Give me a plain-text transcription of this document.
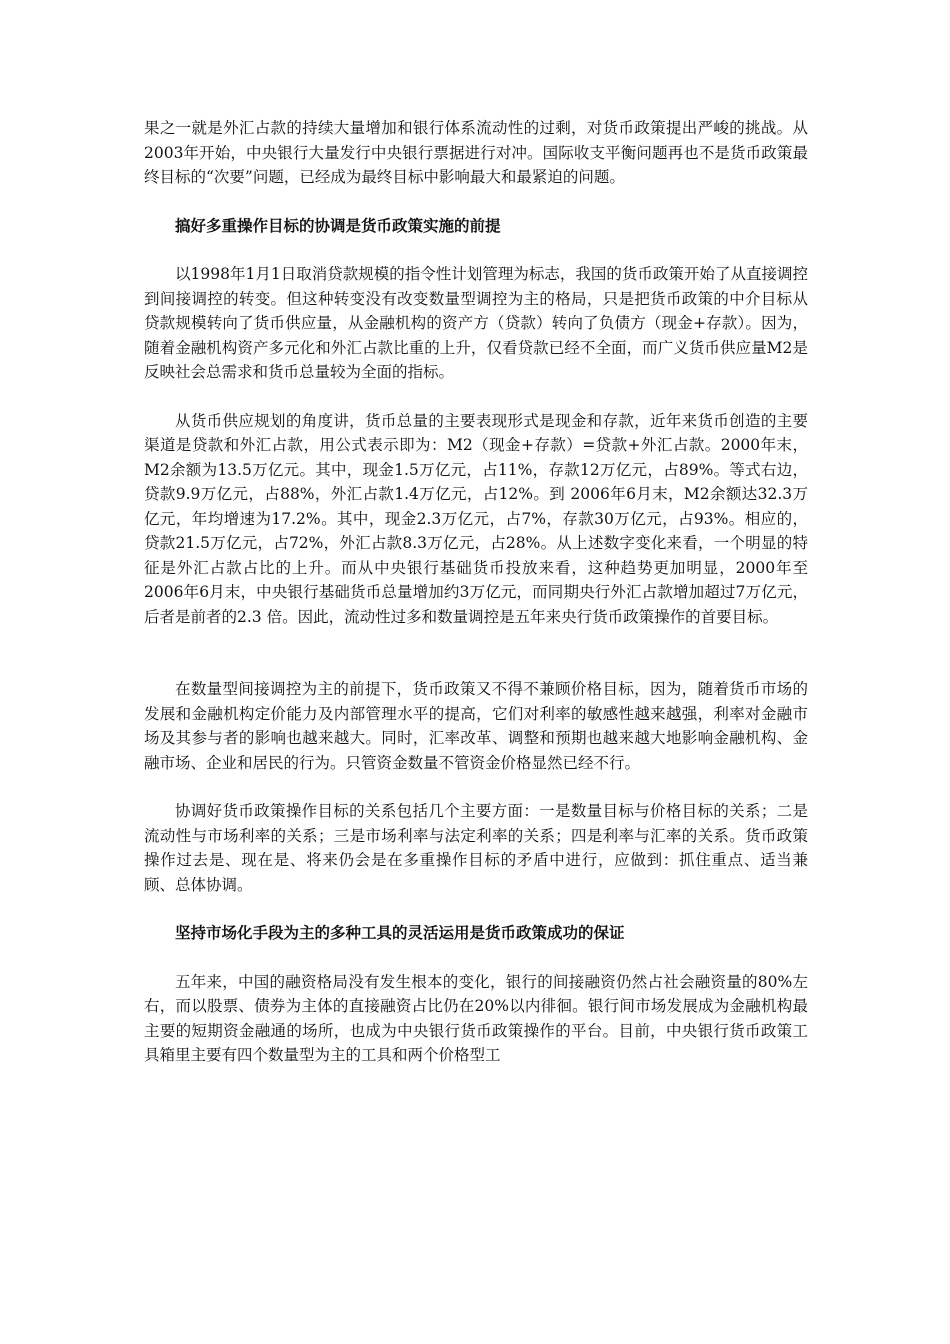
果之一就是外汇占款的持续大量增加和银行体系流动性的过剩，对货币政策提出严峻的挑战。从2003年开始，中央银行大量发行中央银行票据进行对冲。国际收支平衡问题再也不是货币政策最终目标的“次要”问题，已经成为最终目标中影响最大和最紧迫的问题。

搞好多重操作目标的协调是货币政策实施的前提

以1998年1月1日取消贷款规模的指令性计划管理为标志，我国的货币政策开始了从直接调控到间接调控的转变。但这种转变没有改变数量型调控为主的格局，只是把货币政策的中介目标从贷款规模转向了货币供应量，从金融机构的资产方（贷款）转向了负债方（现金+存款）。因为，随着金融机构资产多元化和外汇占款比重的上升，仅看贷款已经不全面，而广义货币供应量M2是反映社会总需求和货币总量较为全面的指标。

从货币供应规划的角度讲，货币总量的主要表现形式是现金和存款，近年来货币创造的主要渠道是贷款和外汇占款，用公式表示即为：M2（现金+存款）=贷款+外汇占款。2000年末，M2余额为13.5万亿元。其中，现金1.5万亿元，占11%，存款12万亿元，占89%。等式右边，贷款9.9万亿元，占88%，外汇占款1.4万亿元，占12%。到 2006年6月末，M2余额达32.3万亿元，年均增速为17.2%。其中，现金2.3万亿元，占7%，存款30万亿元，占93%。相应的，贷款21.5万亿元，占72%，外汇占款8.3万亿元，占28%。从上述数字变化来看，一个明显的特征是外汇占款占比的上升。而从中央银行基础货币投放来看，这种趋势更加明显，2000年至2006年6月末，中央银行基础货币总量增加约3万亿元，而同期央行外汇占款增加超过7万亿元，后者是前者的2.3 倍。因此，流动性过多和数量调控是五年来央行货币政策操作的首要目标。

在数量型间接调控为主的前提下，货币政策又不得不兼顾价格目标，因为，随着货币市场的发展和金融机构定价能力及内部管理水平的提高，它们对利率的敏感性越来越强，利率对金融市场及其参与者的影响也越来越大。同时，汇率改革、调整和预期也越来越大地影响金融机构、金融市场、企业和居民的行为。只管资金数量不管资金价格显然已经不行。

协调好货币政策操作目标的关系包括几个主要方面：一是数量目标与价格目标的关系；二是流动性与市场利率的关系；三是市场利率与法定利率的关系；四是利率与汇率的关系。货币政策操作过去是、现在是、将来仍会是在多重操作目标的矛盾中进行，应做到：抓住重点、适当兼顾、总体协调。

坚持市场化手段为主的多种工具的灵活运用是货币政策成功的保证

五年来，中国的融资格局没有发生根本的变化，银行的间接融资仍然占社会融资量的80%左右，而以股票、债券为主体的直接融资占比仍在20%以内徘徊。银行间市场发展成为金融机构最主要的短期资金融通的场所，也成为中央银行货币政策操作的平台。目前，中央银行货币政策工具箱里主要有四个数量型为主的工具和两个价格型工
